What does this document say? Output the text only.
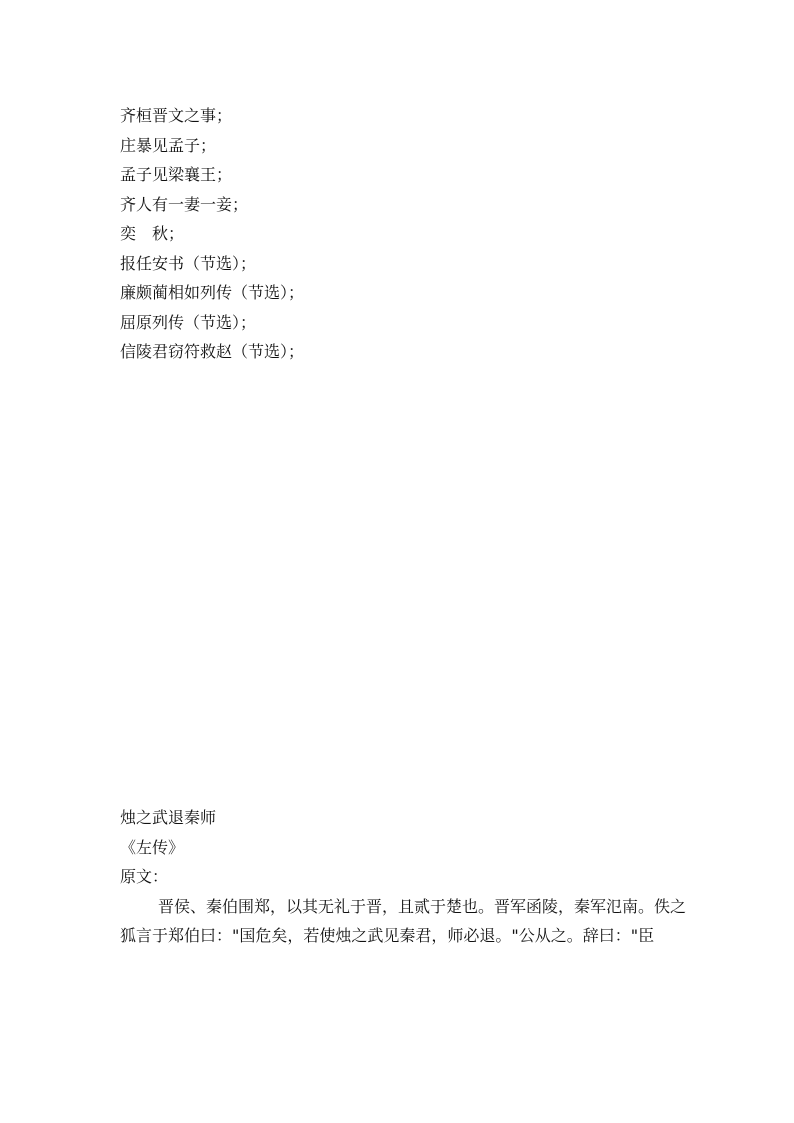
齐桓晋文之事；
庄暴见孟子；
孟子见梁襄王；
齐人有一妻一妾；
奕　秋；
报任安书（节选）；
廉颇蔺相如列传（节选）；
屈原列传（节选）；
信陵君窃符救赵（节选）；
烛之武退秦师
《左传》
原文：
晋侯、秦伯围郑，以其无礼于晋，且贰于楚也。晋军函陵，秦军氾南。佚之
狐言于郑伯曰："国危矣，若使烛之武见秦君，师必退。"公从之。辞曰："臣
